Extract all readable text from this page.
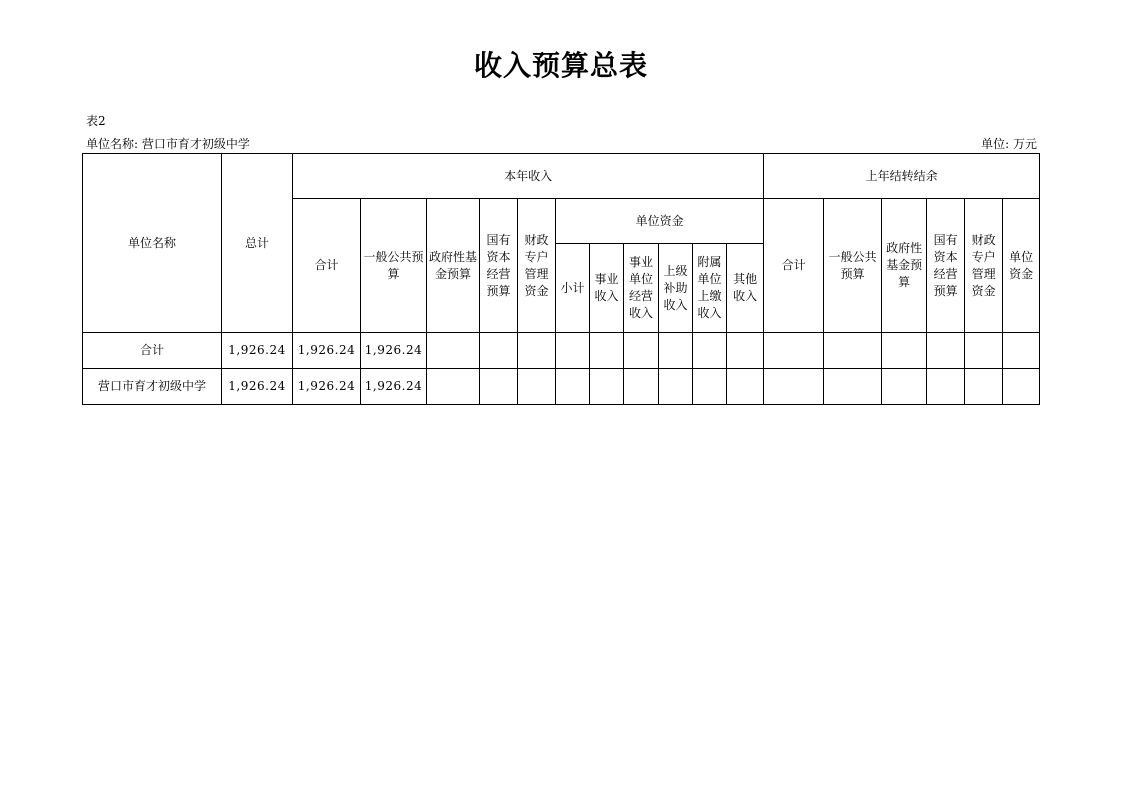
收入预算总表
表2
单位名称: 营口市育才初级中学	单位: 万元
单位名称	总计	本年收入											上年结转结余					
		合计	一般公共预算	政府性基金预算	国有资本经营预算	财政专户管理资金	单位资金						合计	一般公共预算	政府性基金预算	国有资本经营预算	财政专户管理资金	单位资金
							小计	事业收入	事业单位经营收入	上级补助收入	附属单位上缴收入	其他收入						
合计	1,926.24	1,926.24	1,926.24															
营口市育才初级中学	1,926.24	1,926.24	1,926.24															
